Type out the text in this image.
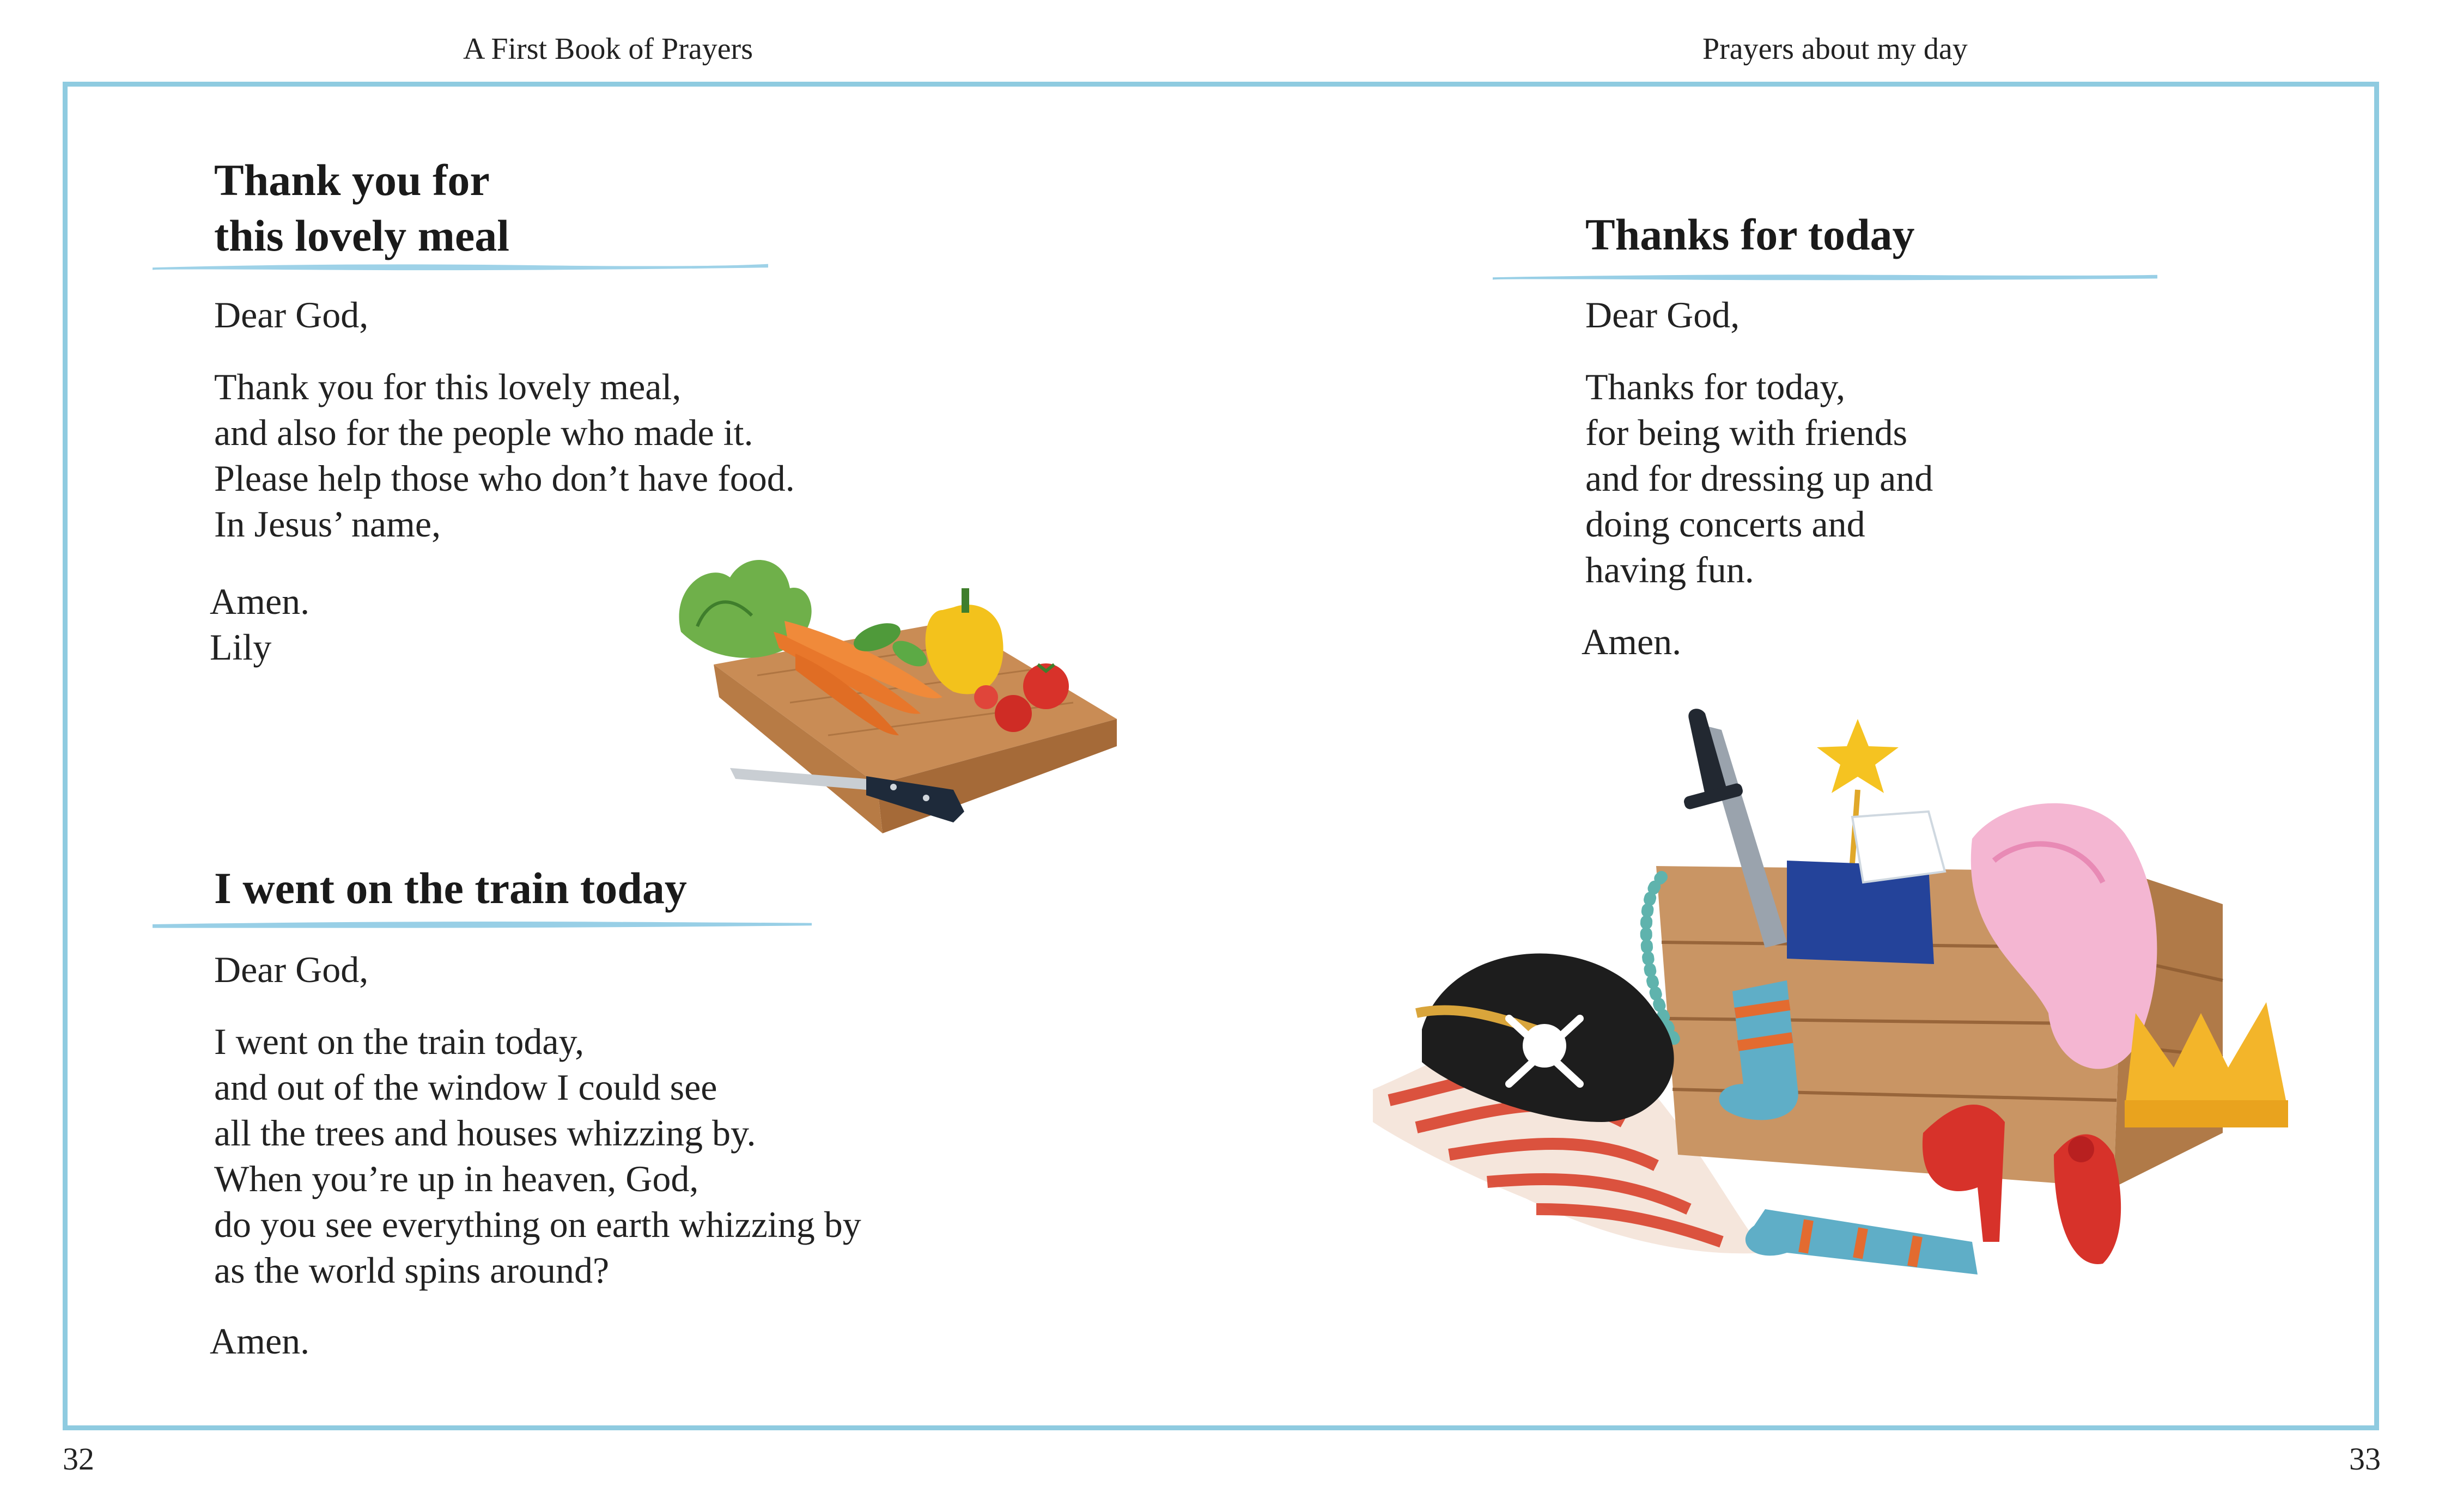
A First Book of Prayers	Prayers about my day
Thank you for
this lovely meal
Dear God,
Thank you for this lovely meal,
and also for the people who made it.
Please help those who don’t have food.
In Jesus’ name,
Amen.
Lily
I went on the train today
Dear God,
I went on the train today,
and out of the window I could see
all the trees and houses whizzing by.
When you’re up in heaven, God,
do you see everything on earth whizzing by
as the world spins around?
Amen.
Thanks for today
Dear God,
Thanks for today,
for being with friends
and for dressing up and
doing concerts and
having fun.
Amen.
32	33
